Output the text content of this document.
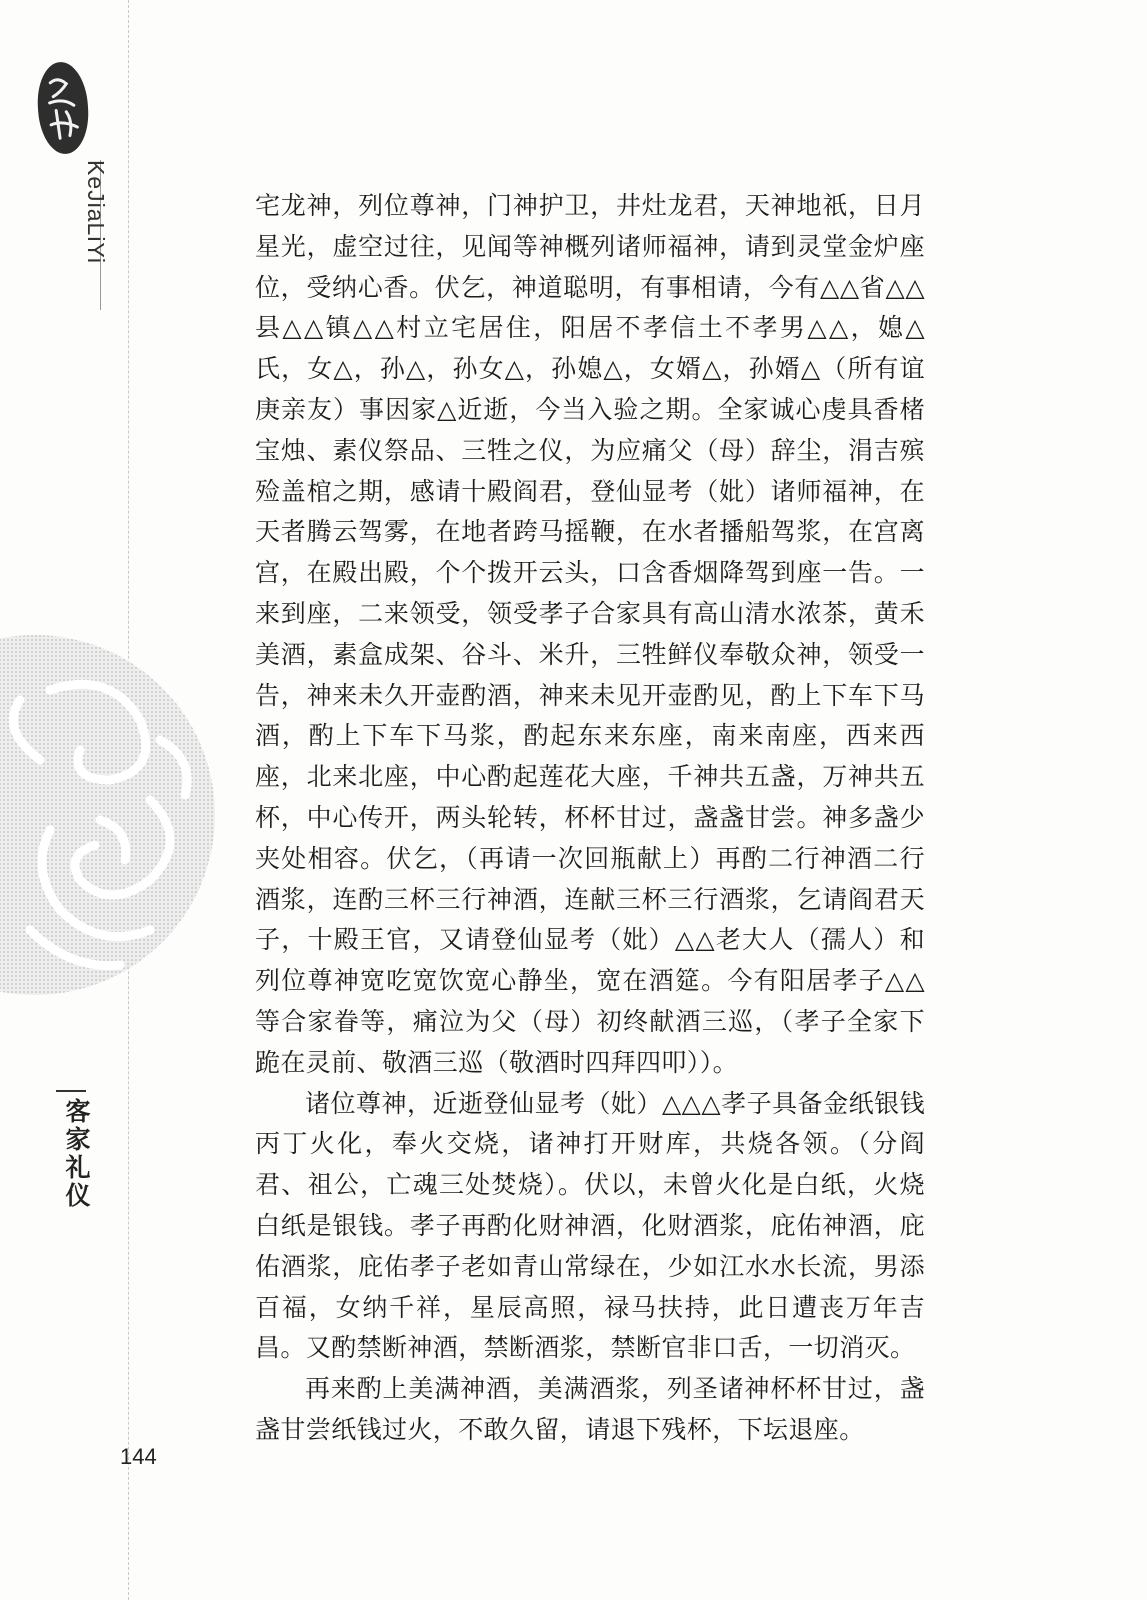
KeJiaLiYi
客家礼仪

宅龙神，列位尊神，门神护卫，井灶龙君，天神地祇，日月星光，虚空过往，见闻等神概列诸师福神，请到灵堂金炉座位，受纳心香。伏乞，神道聪明，有事相请，今有△△省△△县△△镇△△村立宅居住，阳居不孝信土不孝男△△，媳△氏，女△，孙△，孙女△，孙媳△，女婿△，孙婿△（所有谊庚亲友）事因家△近逝，今当入验之期。全家诚心虔具香楮宝烛、素仪祭品、三牲之仪，为应痛父（母）辞尘，涓吉殡殓盖棺之期，感请十殿阎君，登仙显考（妣）诸师福神，在天者腾云驾雾，在地者跨马摇鞭，在水者播船驾浆，在宫离宫，在殿出殿，个个拨开云头，口含香烟降驾到座一告。一来到座，二来领受，领受孝子合家具有高山清水浓茶，黄禾美酒，素盒成架、谷斗、米升，三牲鲜仪奉敬众神，领受一告，神来未久开壶酌酒，神来未见开壶酌见，酌上下车下马酒，酌上下车下马浆，酌起东来东座，南来南座，西来西座，北来北座，中心酌起莲花大座，千神共五盏，万神共五杯，中心传开，两头轮转，杯杯甘过，盏盏甘尝。神多盏少夹处相容。伏乞，（再请一次回瓶献上）再酌二行神酒二行酒浆，连酌三杯三行神酒，连献三杯三行酒浆，乞请阎君天子，十殿王官，又请登仙显考（妣）△△老大人（孺人）和列位尊神宽吃宽饮宽心静坐，宽在酒筵。今有阳居孝子△△等合家眷等，痛泣为父（母）初终献酒三巡，（孝子全家下跪在灵前、敬酒三巡（敬酒时四拜四叩））。

诸位尊神，近逝登仙显考（妣）△△△孝子具备金纸银钱丙丁火化，奉火交烧，诸神打开财库，共烧各领。（分阎君、祖公，亡魂三处焚烧）。伏以，未曾火化是白纸，火烧白纸是银钱。孝子再酌化财神酒，化财酒浆，庇佑神酒，庇佑酒浆，庇佑孝子老如青山常绿在，少如江水水长流，男添百福，女纳千祥，星辰高照，禄马扶持，此日遭丧万年吉昌。又酌禁断神酒，禁断酒浆，禁断官非口舌，一切消灭。

再来酌上美满神酒，美满酒浆，列圣诸神杯杯甘过，盏盏甘尝纸钱过火，不敢久留，请退下残杯，下坛退座。

144
